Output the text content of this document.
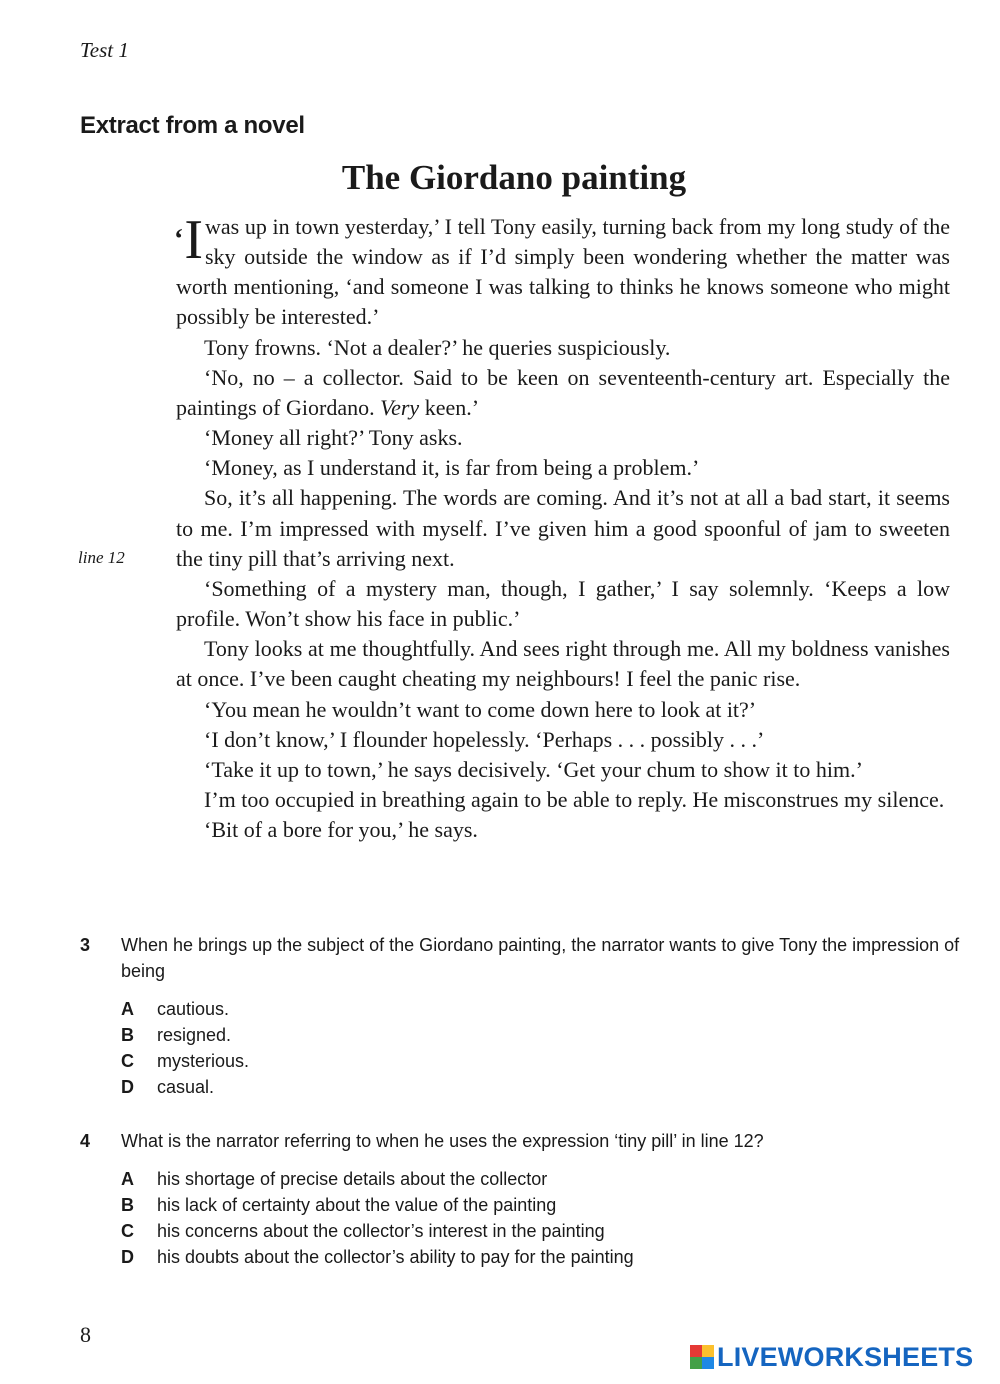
Test 1
Extract from a novel
The Giordano painting

‘I was up in town yesterday,’ I tell Tony easily, turning back from my long study of the sky outside the window as if I’d simply been wondering whether the matter was worth mentioning, ‘and someone I was talking to thinks he knows someone who might possibly be interested.’

Tony frowns. ‘Not a dealer?’ he queries suspiciously.

‘No, no – a collector. Said to be keen on seventeenth-century art. Especially the paintings of Giordano. Very keen.’

‘Money all right?’ Tony asks.

‘Money, as I understand it, is far from being a problem.’

So, it’s all happening. The words are coming. And it’s not at all a bad start, it seems to me. I’m impressed with myself. I’ve given him a good spoonful of jam to sweeten the tiny pill that’s arriving next.

‘Something of a mystery man, though, I gather,’ I say solemnly. ‘Keeps a low profile. Won’t show his face in public.’

Tony looks at me thoughtfully. And sees right through me. All my boldness vanishes at once. I’ve been caught cheating my neighbours! I feel the panic rise.

‘You mean he wouldn’t want to come down here to look at it?’

‘I don’t know,’ I flounder hopelessly. ‘Perhaps . . . possibly . . .’

‘Take it up to town,’ he says decisively. ‘Get your chum to show it to him.’

I’m too occupied in breathing again to be able to reply. He misconstrues my silence.

‘Bit of a bore for you,’ he says.

line 12
3 When he brings up the subject of the Giordano painting, the narrator wants to give Tony the impression of being
A cautious.
B resigned.
C mysterious.
D casual.
4 What is the narrator referring to when he uses the expression ‘tiny pill’ in line 12?
A his shortage of precise details about the collector
B his lack of certainty about the value of the painting
C his concerns about the collector’s interest in the painting
D his doubts about the collector’s ability to pay for the painting
8
LIVEWORKSHEETS
